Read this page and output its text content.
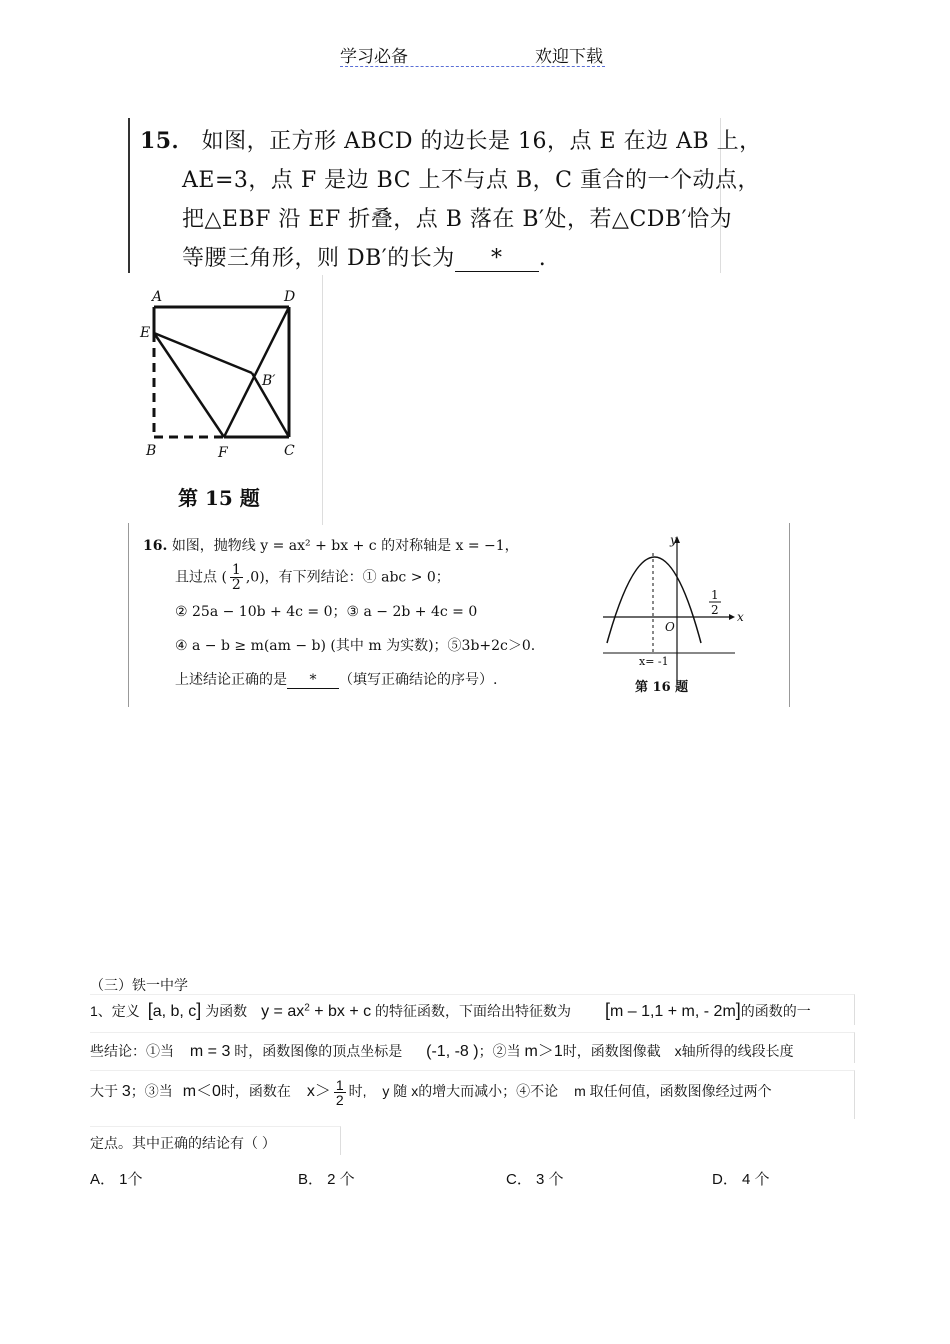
学习必备	欢迎下载
15． 如图，正方形 ABCD 的边长是 16，点 E 在边 AB 上，
AE=3，点 F 是边 BC 上不与点 B，C 重合的一个动点，
把△EBF 沿 EF 折叠，点 B 落在 B′处，若△CDB′恰为
等腰三角形，则 DB′的长为 * .
A	D
E
B′
B	F	C
第 15 题
16. 如图，抛物线 y = ax² + bx + c 的对称轴是 x = −1，
且过点 ( $\frac{1}{2} ,0$)，有下列结论：① abc > 0；
② 25a − 10b + 4c = 0；③ a − 2b + 4c = 0
④ a − b ≥ m(am − b) (其中 m 为实数)；⑤3b+2c＞0.
上述结论正确的是 * （填写正确结论的序号）.
y
x
O
1
2
x= -1
第 16 题
（三）铁一中学
1、定义 [a, b, c] 为函数 $y = ax^2$ + bx + c 的特征函数，下面给出特征数为 [m – 1,1 + m, - 2m]的函数的一
些结论：①当 m = 3 时，函数图像的顶点坐标是 (-1, -8 )；②当 m＞1时，函数图像截 x轴所得的线段长度
大于 3；③当 m＜0时，函数在 $x> \frac{1}{2}$ 时, y 随 x的增大而减小；④不论 m 取任何值，函数图像经过两个
定点。其中正确的结论有（ ）
A． 1个	B． 2 个	C． 3 个	D． 4 个
